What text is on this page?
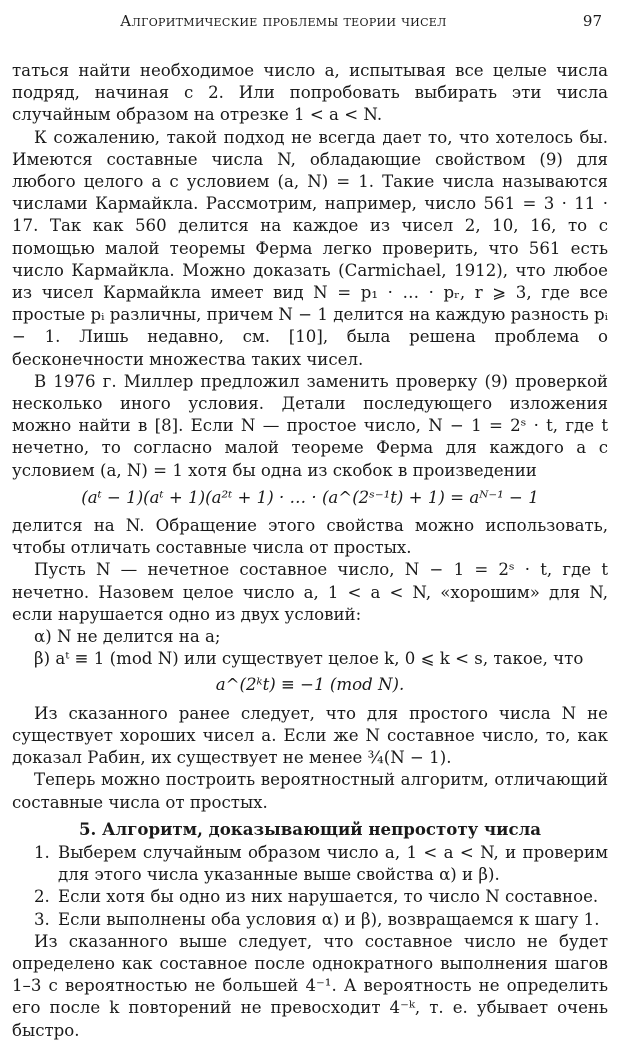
Алгоритмические проблемы теории чисел	97

таться найти необходимое число a, испытывая все целые числа подряд, начиная с 2. Или попробовать выбирать эти числа случайным образом на отрезке 1 < a < N.

К сожалению, такой подход не всегда дает то, что хотелось бы. Имеются составные числа N, обладающие свойством (9) для любого целого a с условием (a, N) = 1. Такие числа называются числами Кармайкла. Рассмотрим, например, число 561 = 3 · 11 · 17. Так как 560 делится на каждое из чисел 2, 10, 16, то с помощью малой теоремы Ферма легко проверить, что 561 есть число Кармайкла. Можно доказать (Carmichael, 1912), что любое из чисел Кармайкла имеет вид N = p₁ · … · pᵣ, r ⩾ 3, где все простые pᵢ различны, причем N − 1 делится на каждую разность pᵢ − 1. Лишь недавно, см. [10], была решена проблема о бесконечности множества таких чисел.

В 1976 г. Миллер предложил заменить проверку (9) проверкой несколько иного условия. Детали последующего изложения можно найти в [8]. Если N — простое число, N − 1 = 2ˢ · t, где t нечетно, то согласно малой теореме Ферма для каждого a с условием (a, N) = 1 хотя бы одна из скобок в произведении

(aᵗ − 1)(aᵗ + 1)(a²ᵗ + 1) · … · (a^(2ˢ⁻¹t) + 1) = aᴺ⁻¹ − 1

делится на N. Обращение этого свойства можно использовать, чтобы отличать составные числа от простых.

Пусть N — нечетное составное число, N − 1 = 2ˢ · t, где t нечетно. Назовем целое число a, 1 < a < N, «хорошим» для N, если нарушается одно из двух условий:

α) N не делится на a;

β) aᵗ ≡ 1 (mod N) или существует целое k, 0 ⩽ k < s, такое, что

a^(2ᵏt) ≡ −1 (mod N).

Из сказанного ранее следует, что для простого числа N не существует хороших чисел a. Если же N составное число, то, как доказал Рабин, их существует не менее ¾(N − 1).

Теперь можно построить вероятностный алгоритм, отличающий составные числа от простых.

5. Алгоритм, доказывающий непростоту числа
1. Выберем случайным образом число a, 1 < a < N, и проверим для этого числа указанные выше свойства α) и β).
2. Если хотя бы одно из них нарушается, то число N составное.
3. Если выполнены оба условия α) и β), возвращаемся к шагу 1.

Из сказанного выше следует, что составное число не будет определено как составное после однократного выполнения шагов 1–3 с вероятностью не большей 4⁻¹. А вероятность не определить его после k повторений не превосходит 4⁻ᵏ, т. е. убывает очень быстро.
